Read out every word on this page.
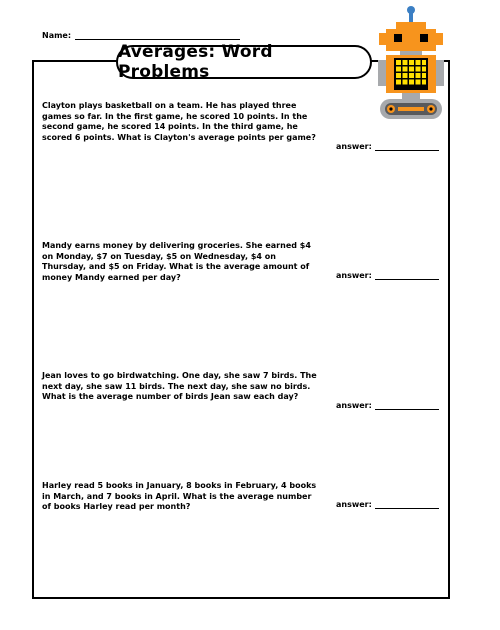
Name:
Averages: Word Problems
Clayton plays basketball on a team. He has played three games so far. In the first game, he scored 10 points. In the second game, he scored 14 points. In the third game, he scored 6 points. What is Clayton's average points per game?
answer:
Mandy earns money by delivering groceries. She earned $4 on Monday, $7 on Tuesday, $5 on Wednesday, $4 on Thursday, and $5 on Friday. What is the average amount of money Mandy earned per day?	answer:
Jean loves to go birdwatching. One day, she saw 7 birds. The next day, she saw 11 birds. The next day, she saw no birds. What is the average number of birds Jean saw each day?
answer:
Harley read 5 books in January, 8 books in February, 4 books in March, and 7 books in April. What is the average number of books Harley read per month?	answer:
